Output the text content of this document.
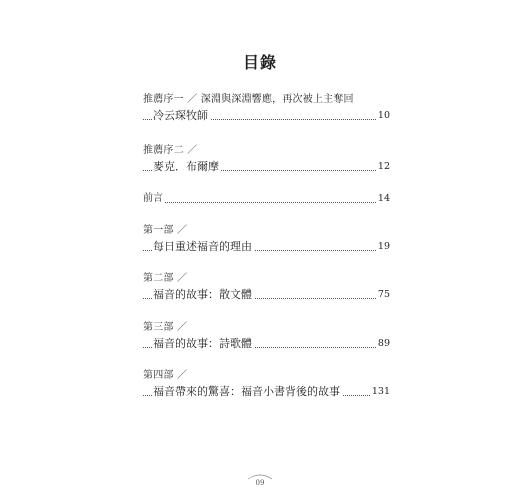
目錄
推薦序一 ／ 深淵與深淵響應，再次被上主奪回
冷云琛牧師	10
推薦序二 ／
麥克．布爾摩	12
前言	14
第一部 ／
每日重述福音的理由	19
第二部 ／
福音的故事：散文體	75
第三部 ／
福音的故事：詩歌體	89
第四部 ／
福音帶來的驚喜：福音小書背後的故事	131
09
